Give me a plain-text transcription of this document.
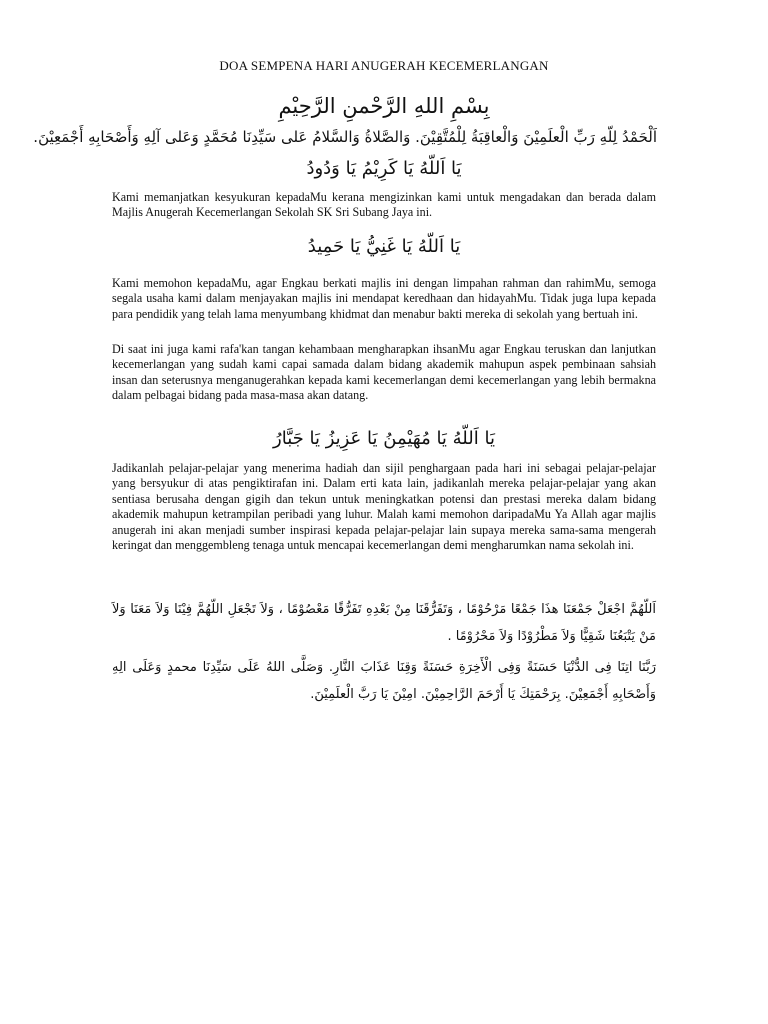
DOA SEMPENA HARI ANUGERAH KECEMERLANGAN
بِسْمِ اللهِ الرَّحْمنِ الرَّحِيْمِ
اَلْحَمْدُ لِلّهِ رَبِّ الْعلَمِيْنَ وَالْعاقِبَةُ لِلْمُتَّقِيْنَ. وَالصَّلاةُ وَالسَّلامُ عَلى سَيِّدِنَا مُحَمَّدٍ وَعَلى آلِهِ وَأَصْحَابِهِ أَجْمَعِيْنَ.
يَا اَللّهُ يَا كَرِيْمُ يَا وَدُودُ

Kami memanjatkan kesyukuran kepadaMu kerana mengizinkan kami untuk mengadakan dan berada dalam Majlis Anugerah Kecemerlangan Sekolah SK Sri Subang Jaya ini.

يَا اَللّهُ يَا غَنِيُّ يَا حَمِيدُ

Kami memohon kepadaMu, agar Engkau berkati majlis ini dengan limpahan rahman dan rahimMu, semoga segala usaha kami dalam menjayakan majlis ini mendapat keredhaan dan hidayahMu. Tidak juga lupa kepada para pendidik yang telah lama menyumbang khidmat dan menabur bakti mereka di sekolah yang bertuah ini.

Di saat ini juga kami rafa'kan tangan kehambaan mengharapkan ihsanMu agar Engkau teruskan dan lanjutkan kecemerlangan yang sudah kami capai samada dalam bidang akademik mahupun aspek pembinaan sahsiah insan dan seterusnya menganugerahkan kepada kami kecemerlangan demi kecemerlangan yang lebih bermakna dalam pelbagai bidang pada masa-masa akan datang.

يَا اَللّهُ يَا مُهَيْمِنُ يَا عَزِيزُ يَا جَبَّارُ

Jadikanlah pelajar-pelajar yang menerima hadiah dan sijil penghargaan pada hari ini sebagai pelajar-pelajar yang bersyukur di atas pengiktirafan ini. Dalam erti kata lain, jadikanlah mereka pelajar-pelajar yang akan sentiasa berusaha dengan gigih dan tekun untuk meningkatkan potensi dan prestasi mereka dalam bidang akademik mahupun ketrampilan peribadi yang luhur. Malah kami memohon daripadaMu Ya Allah agar majlis anugerah ini akan menjadi sumber inspirasi kepada pelajar-pelajar lain supaya mereka sama-sama mengerah keringat dan menggembleng tenaga untuk mencapai kecemerlangan demi mengharumkan nama sekolah ini.

اَللّهُمَّ اجْعَلْ جَمْعَنَا هذَا جَمْعًا مَرْحُوْمًا ، وَتَفَرُّقَنَا مِنْ بَعْدِهِ تَفَرُّقًا مَعْصُوْمًا ، وَلاَ تَجْعَلِ اللّهُمَّ فِيْنَا وَلاَ مَعَنَا وَلاَ مَنْ يَتْبَعُنَا شَقِيًّا وَلاَ مَطْرُوْدًا وَلاَ مَحْرُوْمًا .
رَبَّنَا اتِنَا فِى الدُّنْيَا حَسَنَةً وَفِى الْأَخِرَةِ حَسَنَةً وَقِنَا عَذَابَ النَّارِ. وَصَلَّى اللهُ عَلَى سَيِّدِنَا محمدٍ وَعَلَى الِهِ وَأَصْحَابِهِ أَجْمَعِيْنَ. بِرَحْمَتِكَ يَا أَرْحَمَ الرَّاحِمِيْنَ. امِيْنَ يَا رَبَّ الْعلَمِيْنَ.
